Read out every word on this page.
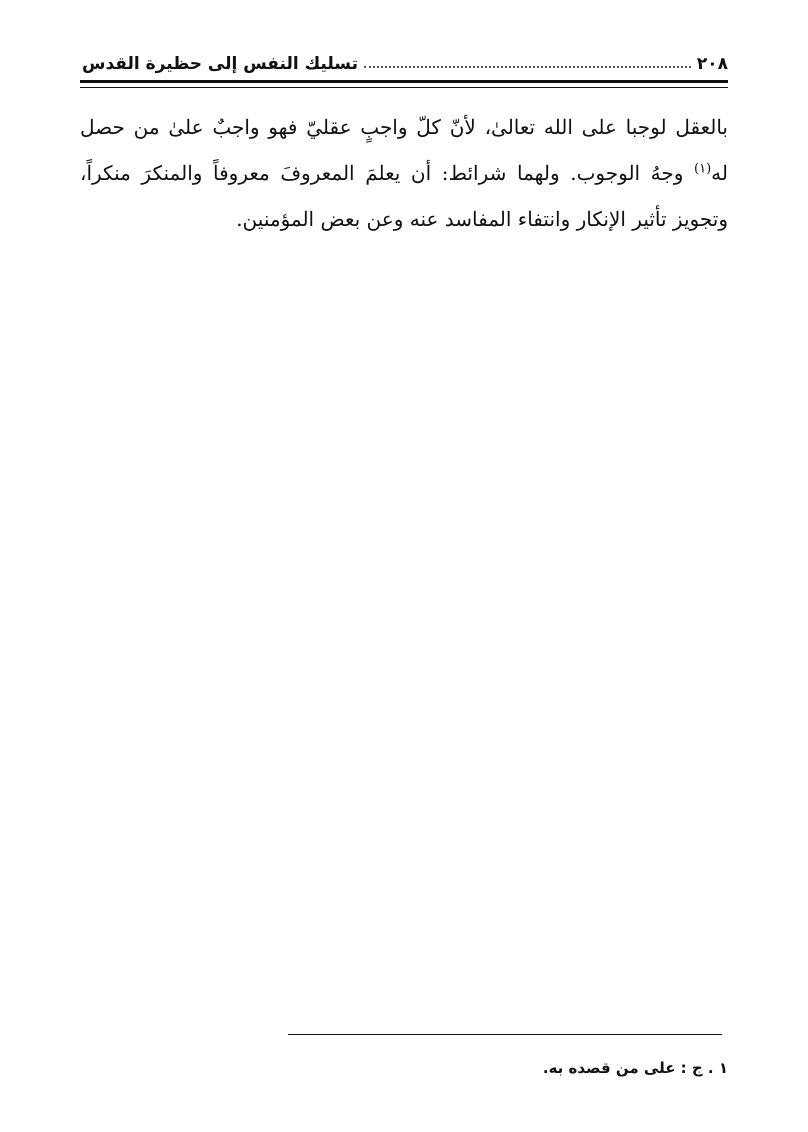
٢٠٨
تسليك النفس إلى حظيرة القدس

بالعقل لوجبا على الله تعالىٰ، لأنّ كلّ واجبٍ عقليّ فهو واجبٌ علىٰ من حصل له$^{(١)}$ وجهُ الوجوب. ولهما شرائط: أن يعلمَ المعروفَ معروفاً والمنكرَ منكراً، وتجويز تأثير الإنكار وانتفاء المفاسد عنه وعن بعض المؤمنين.

١ . ج : على من قصده به.
